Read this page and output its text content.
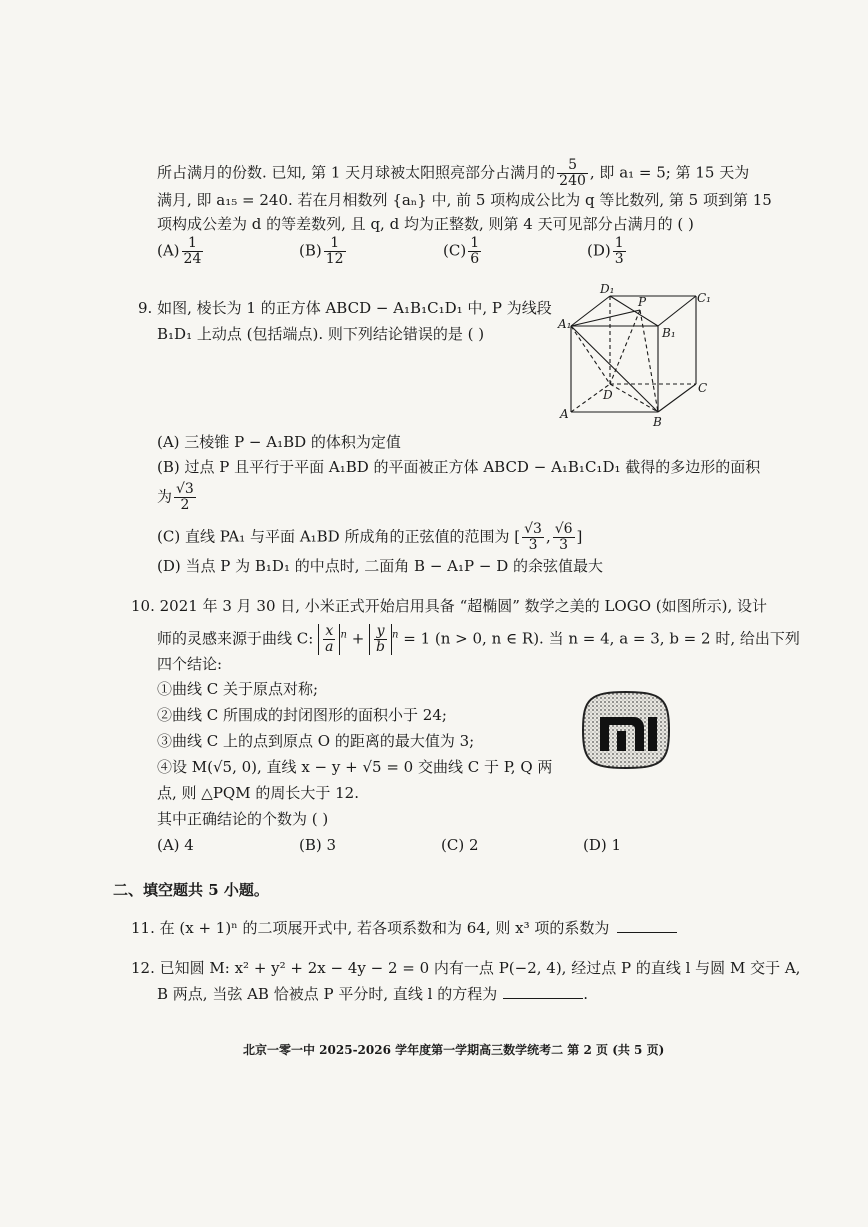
所占满月的份数. 已知, 第 1 天月球被太阳照亮部分占满月的 $\frac{5}{240}$ , 即 a₁ = 5; 第 15 天为
满月, 即 a₁₅ = 240. 若在月相数列 {aₙ} 中, 前 5 项构成公比为 q 等比数列, 第 5 项到第 15
项构成公差为 d 的等差数列, 且 q, d 均为正整数, 则第 4 天可见部分占满月的 ( )
$(A) \frac{1}{24}$	$(B) \frac{1}{12}$	$(C) \frac{1}{6}$	$(D) \frac{1}{3}$
9. 如图, 棱长为 1 的正方体 ABCD − A₁B₁C₁D₁ 中, P 为线段
B₁D₁ 上动点 (包括端点). 则下列结论错误的是 ( )
D₁
P	C₁
A₁
B₁
D	C
A
B
(A) 三棱锥 P − A₁BD 的体积为定值
(B) 过点 P 且平行于平面 A₁BD 的平面被正方体 ABCD − A₁B₁C₁D₁ 截得的多边形的面积
为 $\frac{√3}{2}$
(C) 直线 PA₁ 与平面 A₁BD 所成角的正弦值的范围为 [ $\frac{√3}{3}$ , $\frac{√6}{3}$ ]
(D) 当点 P 为 B₁D₁ 的中点时, 二面角 B − A₁P − D 的余弦值最大
10. 2021 年 3 月 30 日, 小米正式开始启用具备 “超椭圆” 数学之美的 LOGO (如图所示), 设计
师的灵感来源于曲线 C: $\frac{x}{a} ^n + \frac{y}{b} ^n = 1$ (n > 0, n ∈ R). 当 n = 4, a = 3, b = 2 时, 给出下列
四个结论:
①曲线 C 关于原点对称;
②曲线 C 所围成的封闭图形的面积小于 24;
③曲线 C 上的点到原点 O 的距离的最大值为 3;
④设 M(√5, 0), 直线 x − y + √5 = 0 交曲线 C 于 P, Q 两
点, 则 △PQM 的周长大于 12.
其中正确结论的个数为 ( )
(A) 4	(B) 3	(C) 2	(D) 1
二、填空题共 5 小题。
11. 在 (x + 1)ⁿ 的二项展开式中, 若各项系数和为 64, 则 x³ 项的系数为
12. 已知圆 M: x² + y² + 2x − 4y − 2 = 0 内有一点 P(−2, 4), 经过点 P 的直线 l 与圆 M 交于 A,
B 两点, 当弦 AB 恰被点 P 平分时, 直线 l 的方程为	.
北京一零一中 2025-2026 学年度第一学期高三数学统考二 第 2 页 (共 5 页)
